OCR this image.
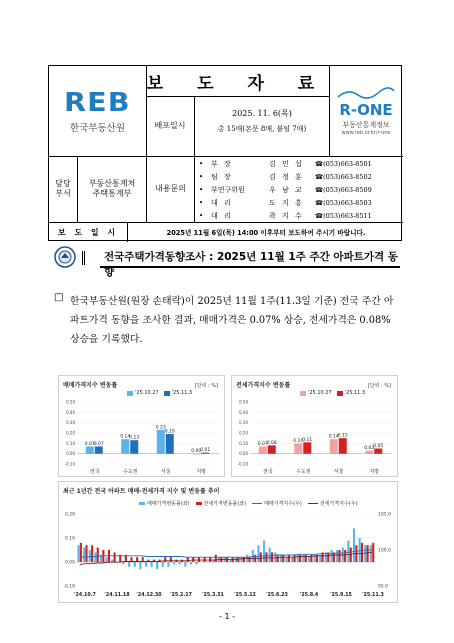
REB
한국부동산원
보 도 자 료
R-ONE
부동산통계정보
www.reb.or.kr/r-one
배포일시
2025. 11. 6(목)
총 15매(본문 8매, 붙임 7매)
담당
부서
부동산통계처
주택통계부
내용문의
•	부 장	김 민 섭	☎(053)663-8501
•	팀 장	김 정 훈	☎(053)663-8502
•	부연구위원	우 남 교	☎(053)663-8509
•	대 리	도 지 흥	☎(053)663-8503
•	대 리	곽 지 수	☎(053)663-8511
보 도 일 시	2025년 11월 6일(목) 14:00 이후부터 보도하여 주시기 바랍니다.
전국주택가격동향조사 : 2025년 11월 1주 주간 아파트가격 동향
□ 한국부동산원(원장 손태락)이 2025년 11월 1주(11.3일 기준) 전국 주간 아파트가격 동향을 조사한 결과, 매매가격은 0.07% 상승, 전세가격은 0.08% 상승을 기록했다.
매매가격지수 변동률	[단위 : %]
'25.10.27	'25.11.3
0.50
0.40
0.30
0.20
0.10
0.00
-0.10
0.07
0.07
전국
0.14
0.13
수도권
0.23
0.19
서울
0.00
0.01
지방
전세가격지수 변동률	[단위 : %]
'25.10.27	'25.11.3
0.50
0.40
0.30
0.20
0.10
0.00
-0.10
0.07
0.08
전국
0.10
0.11
수도권
0.14
0.15
서울
0.03
0.05
지방
최근 1년간 전국 아파트 매매·전세가격 지수 및 변동률 추이
매매가격변동률(좌)	전세가격변동률(좌)	매매가격지수(우)	전세가격지수(우)
0.20
0.10
0.00
-0.10
105.0
100.0
95.0
'24.10.7 '24.11.18 '24.12.30 '25.2.17 '25.3.31 '25.5.12 '25.6.23 '25.8.4 '25.9.15 '25.11.3
- 1 -
